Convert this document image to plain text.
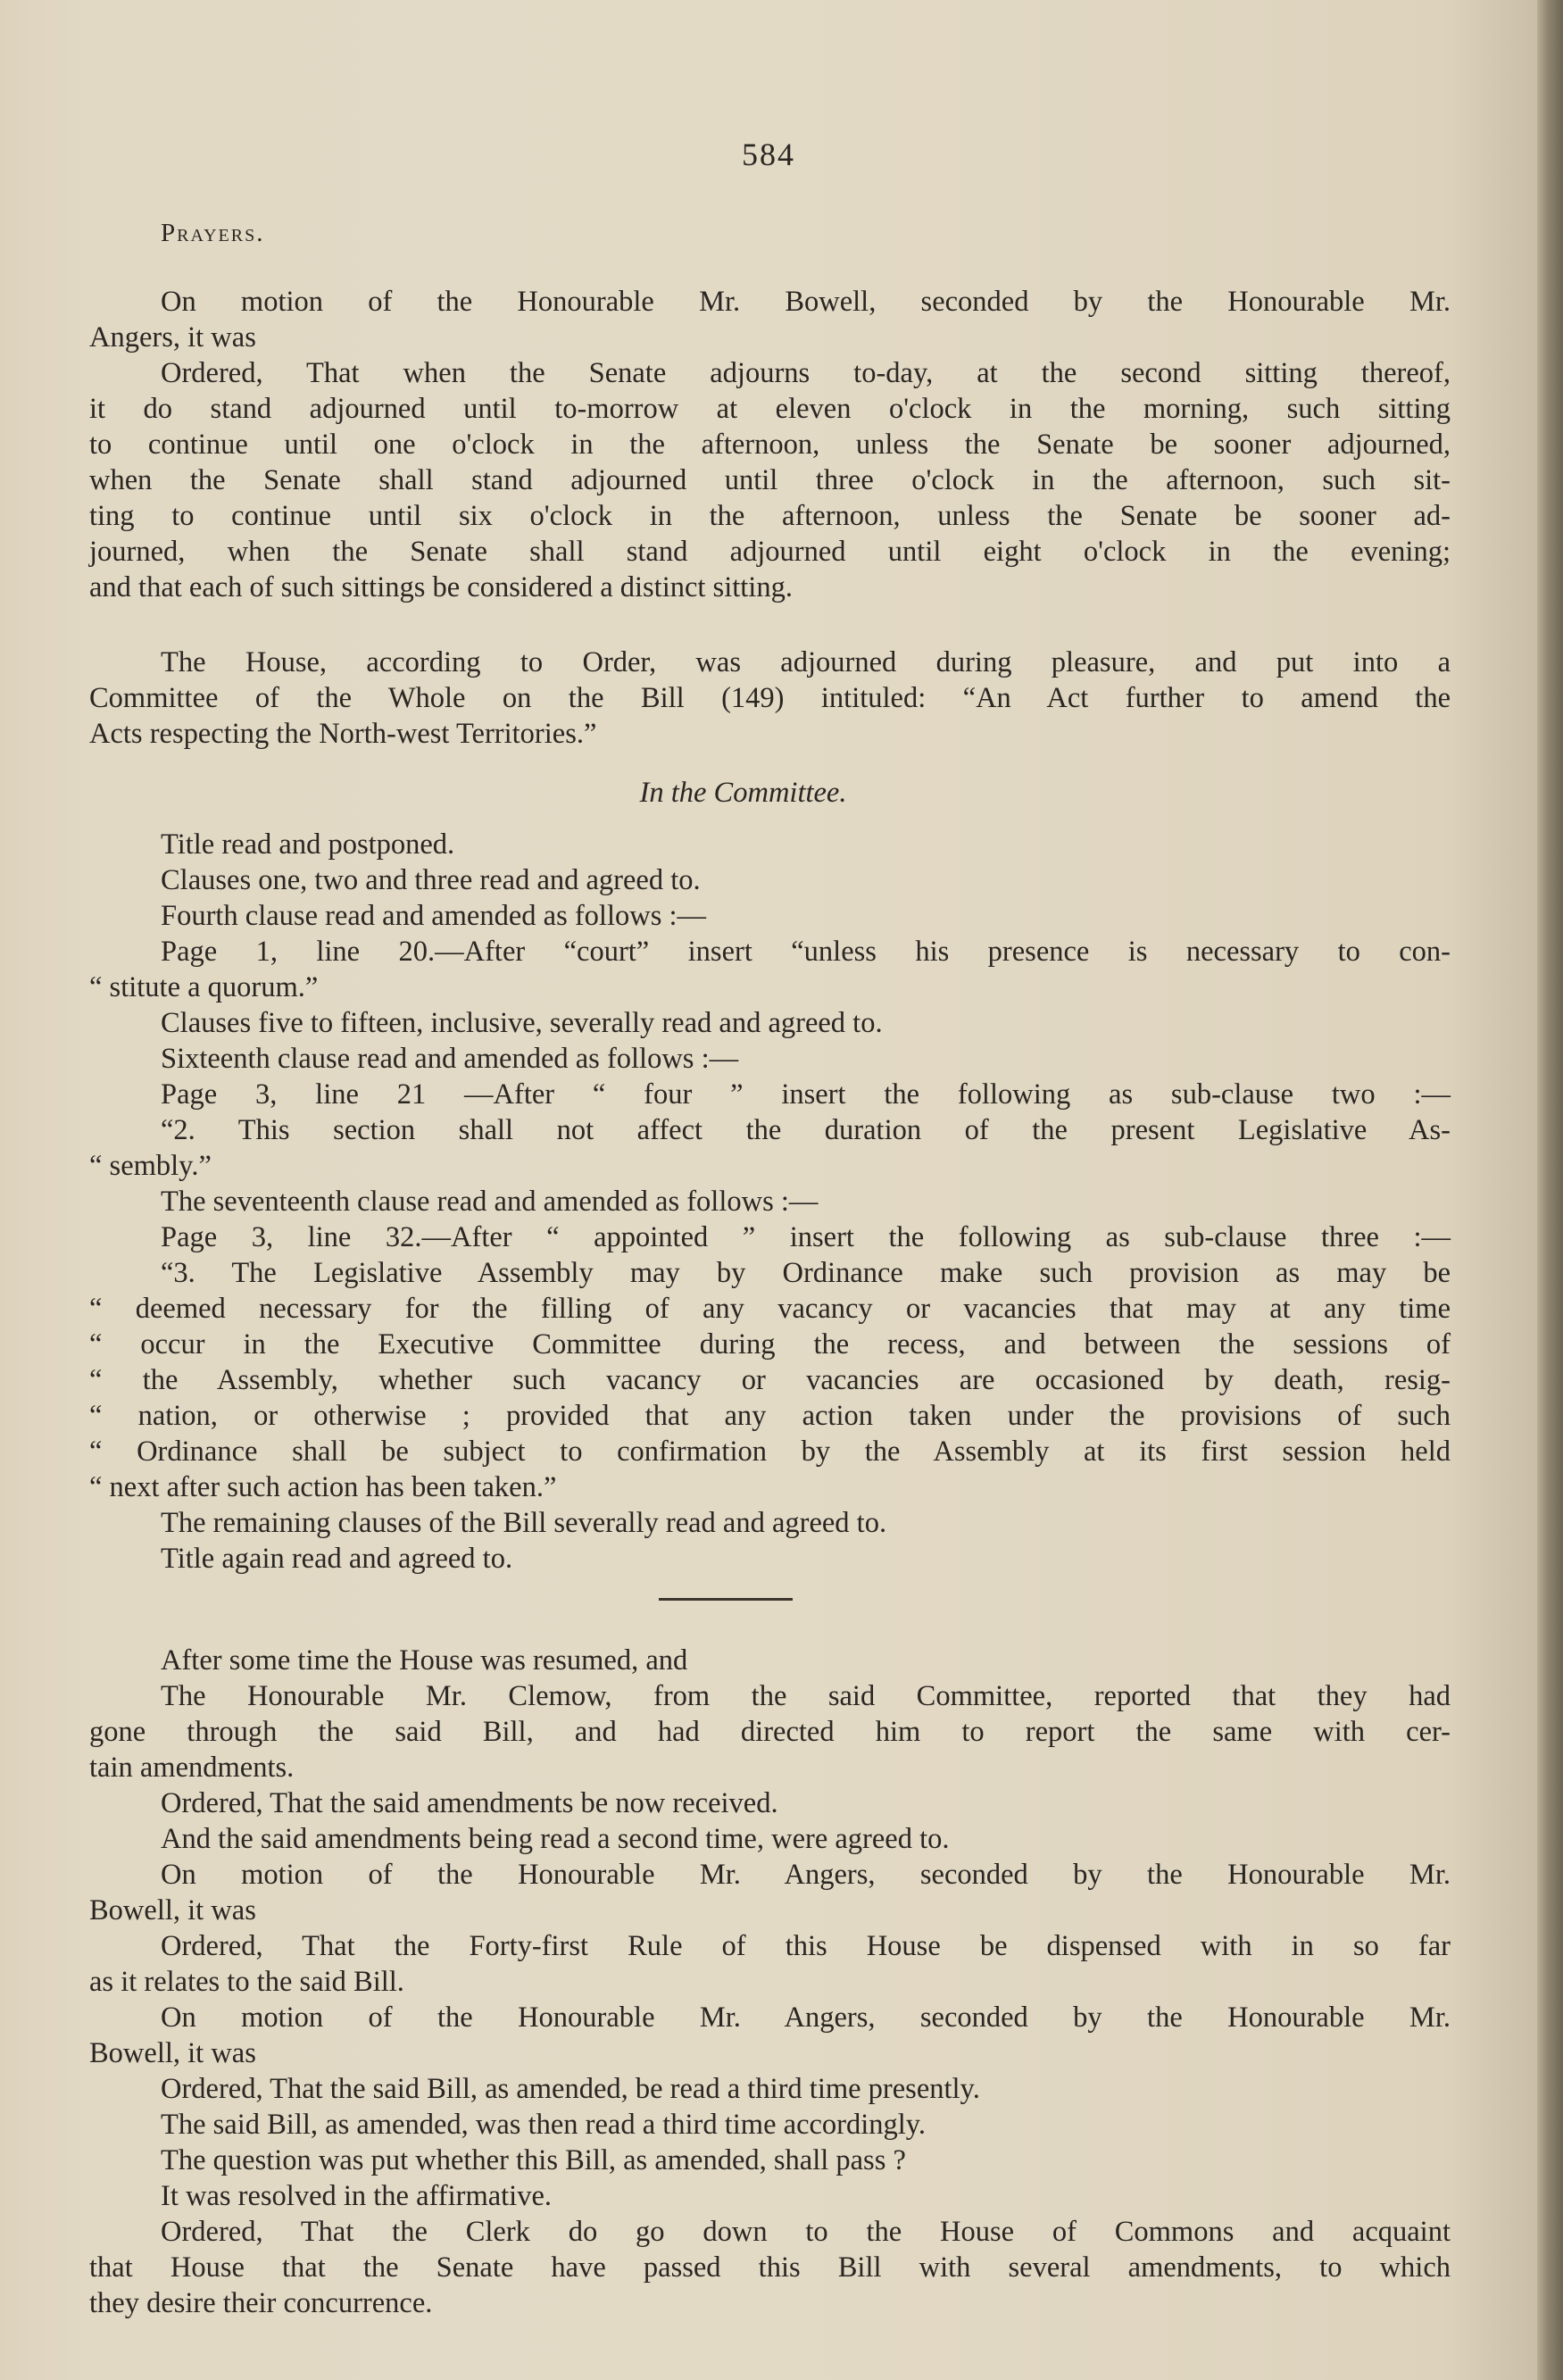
584
Prayers.

On motion of the Honourable Mr. Bowell, seconded by the Honourable Mr.

Angers, it was

Ordered, That when the Senate adjourns to-day, at the second sitting thereof,

it do stand adjourned until to-morrow at eleven o'clock in the morning, such sitting

to continue until one o'clock in the afternoon, unless the Senate be sooner adjourned,

when the Senate shall stand adjourned until three o'clock in the afternoon, such sit-

ting to continue until six o'clock in the afternoon, unless the Senate be sooner ad-

journed, when the Senate shall stand adjourned until eight o'clock in the evening;

and that each of such sittings be considered a distinct sitting.

The House, according to Order, was adjourned during pleasure, and put into a

Committee of the Whole on the Bill (149) intituled: “An Act further to amend the

Acts respecting the North-west Territories.”

In the Committee.

Title read and postponed.

Clauses one, two and three read and agreed to.

Fourth clause read and amended as follows :—

Page 1, line 20.—After “court” insert “unless his presence is necessary to con-

“ stitute a quorum.”

Clauses five to fifteen, inclusive, severally read and agreed to.

Sixteenth clause read and amended as follows :—

Page 3, line 21 —After “ four ” insert the following as sub-clause two :—

“2. This section shall not affect the duration of the present Legislative As-

“ sembly.”

The seventeenth clause read and amended as follows :—

Page 3, line 32.—After “ appointed ” insert the following as sub-clause three :—

“3. The Legislative Assembly may by Ordinance make such provision as may be

“ deemed necessary for the filling of any vacancy or vacancies that may at any time

“ occur in the Executive Committee during the recess, and between the sessions of

“ the Assembly, whether such vacancy or vacancies are occasioned by death, resig-

“ nation, or otherwise ; provided that any action taken under the provisions of such

“ Ordinance shall be subject to confirmation by the Assembly at its first session held

“ next after such action has been taken.”

The remaining clauses of the Bill severally read and agreed to.

Title again read and agreed to.

After some time the House was resumed, and

The Honourable Mr. Clemow, from the said Committee, reported that they had

gone through the said Bill, and had directed him to report the same with cer-

tain amendments.

Ordered, That the said amendments be now received.

And the said amendments being read a second time, were agreed to.

On motion of the Honourable Mr. Angers, seconded by the Honourable Mr.

Bowell, it was

Ordered, That the Forty-first Rule of this House be dispensed with in so far

as it relates to the said Bill.

On motion of the Honourable Mr. Angers, seconded by the Honourable Mr.

Bowell, it was

Ordered, That the said Bill, as amended, be read a third time presently.

The said Bill, as amended, was then read a third time accordingly.

The question was put whether this Bill, as amended, shall pass ?

It was resolved in the affirmative.

Ordered, That the Clerk do go down to the House of Commons and acquaint

that House that the Senate have passed this Bill with several amendments, to which

they desire their concurrence.
